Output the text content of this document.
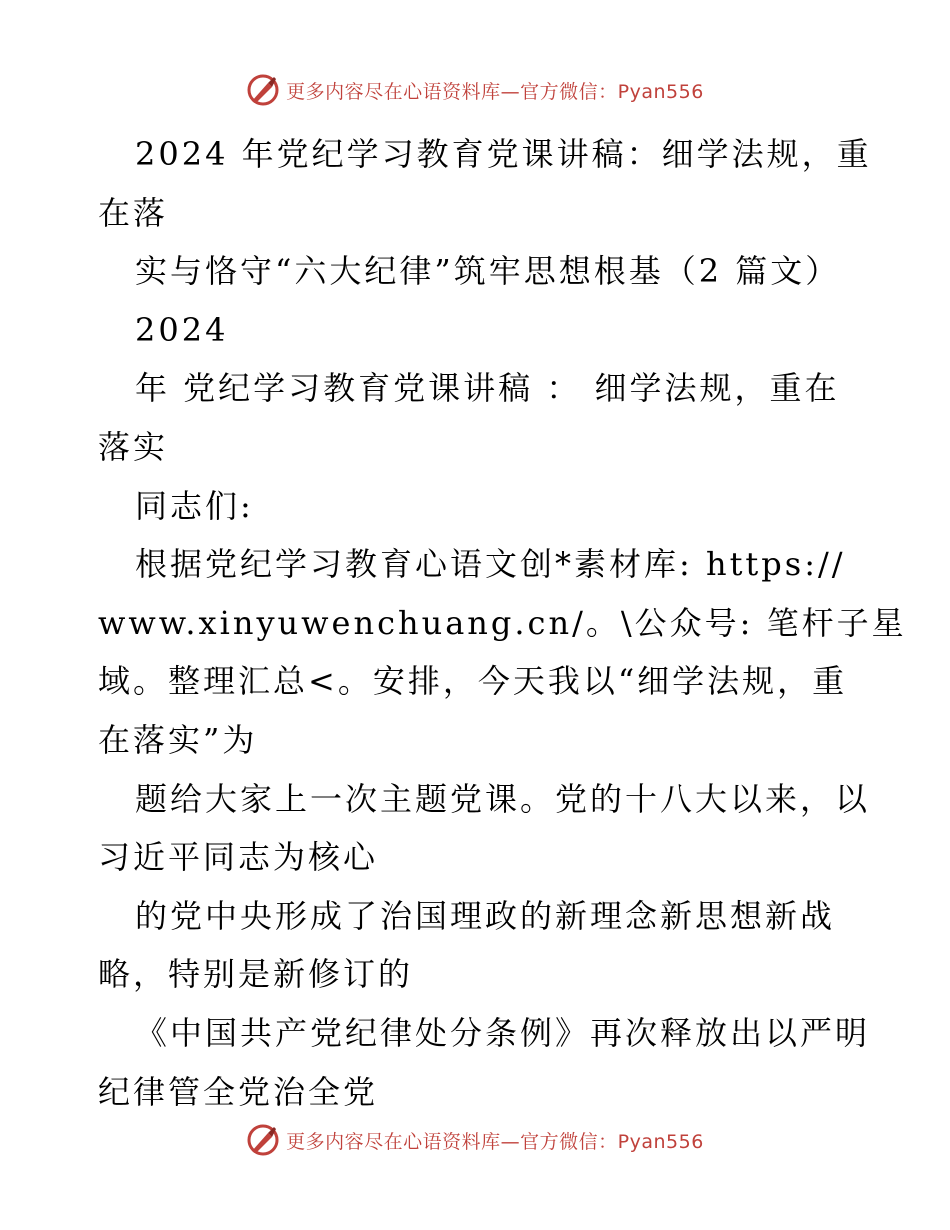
更多内容尽在心语资料库—官方微信：Pyan556
2024 年党纪学习教育党课讲稿：细学法规，重
在落
实与恪守“六大纪律”筑牢思想根基（2 篇文）
2024
年 党纪学习教育党课讲稿 ： 细学法规，重在
落实
同志们:
根据党纪学习教育心语文创*素材库: https://
www.xinyuwenchuang.cn/。\公众号: 笔杆子星
域。整理汇总<。安排，今天我以“细学法规，重
在落实”为
题给大家上一次主题党课。党的十八大以来，以
习近平同志为核心
的党中央形成了治国理政的新理念新思想新战
略，特别是新修订的
《中国共产党纪律处分条例》再次释放出以严明
纪律管全党治全党
更多内容尽在心语资料库—官方微信：Pyan556
